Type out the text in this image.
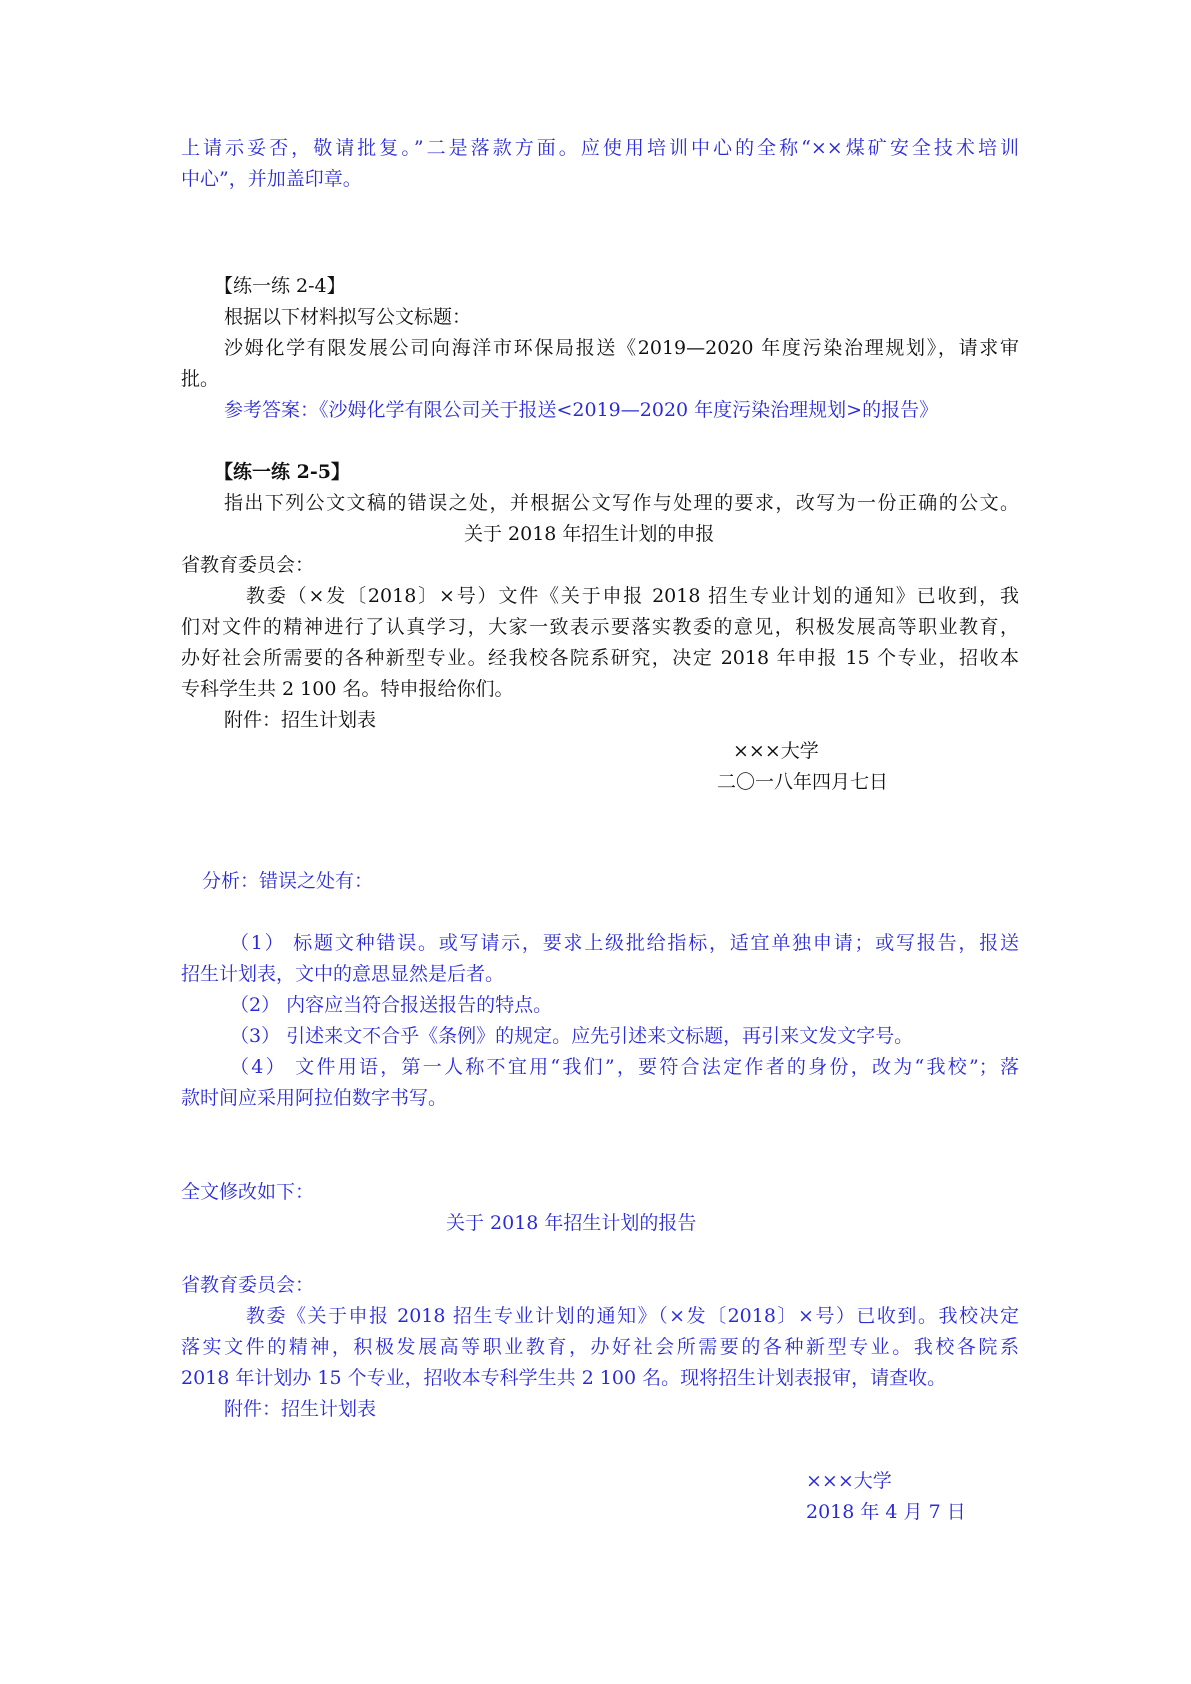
上请示妥否，敬请批复。”二是落款方面。应使用培训中心的全称“××煤矿安全技术培训
中心”，并加盖印章。
【练一练 2-4】
根据以下材料拟写公文标题：
沙姆化学有限发展公司向海洋市环保局报送《2019—2020 年度污染治理规划》，请求审
批。
参考答案：《沙姆化学有限公司关于报送<2019—2020 年度污染治理规划>的报告》
【练一练 2-5】
指出下列公文文稿的错误之处，并根据公文写作与处理的要求，改写为一份正确的公文。
关于 2018 年招生计划的申报
省教育委员会：
教委（×发〔2018〕×号）文件《关于申报 2018 招生专业计划的通知》已收到，我
们对文件的精神进行了认真学习，大家一致表示要落实教委的意见，积极发展高等职业教育，
办好社会所需要的各种新型专业。经我校各院系研究，决定 2018 年申报 15 个专业，招收本
专科学生共 2 100 名。特申报给你们。
附件：招生计划表
×××大学
二〇一八年四月七日
分析：错误之处有：
（1） 标题文种错误。或写请示，要求上级批给指标，适宜单独申请；或写报告，报送
招生计划表，文中的意思显然是后者。
（2） 内容应当符合报送报告的特点。
（3） 引述来文不合乎《条例》的规定。应先引述来文标题，再引来文发文字号。
（4） 文件用语，第一人称不宜用“我们”，要符合法定作者的身份，改为“我校”；落
款时间应采用阿拉伯数字书写。
全文修改如下：
关于 2018 年招生计划的报告
省教育委员会：
教委《关于申报 2018 招生专业计划的通知》（×发〔2018〕×号）已收到。我校决定
落实文件的精神，积极发展高等职业教育，办好社会所需要的各种新型专业。我校各院系
2018 年计划办 15 个专业，招收本专科学生共 2 100 名。现将招生计划表报审，请查收。
附件：招生计划表
×××大学
2018 年 4 月 7 日
